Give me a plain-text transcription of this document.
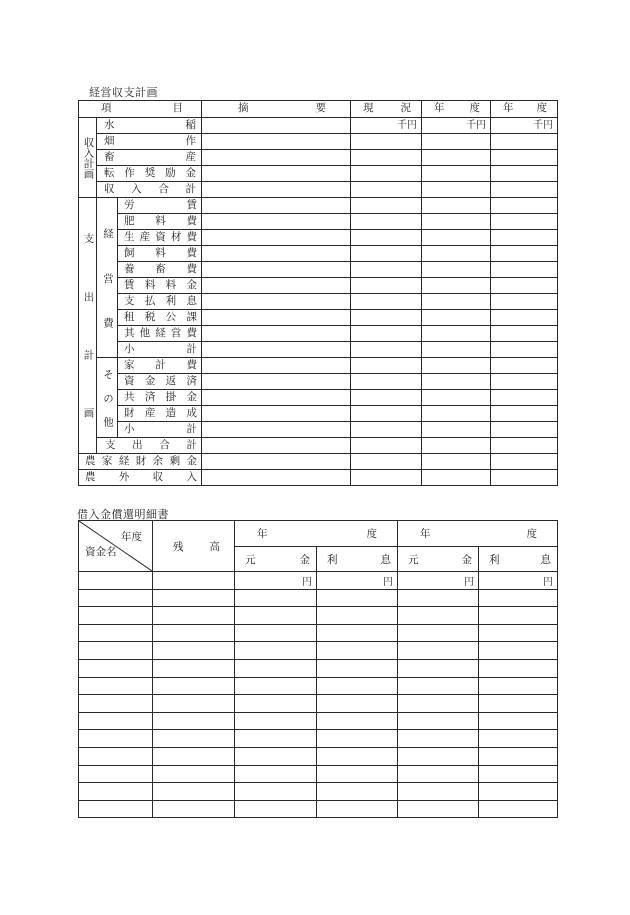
経営収支計画
項目			摘要	現況	年度	年度

収入計画	水稲			千円	千円	千円

	畑作					

	畜産					

	転作奨励金					

	収入合計					

支出計画	経営費	労賃				

		肥料費				

		生産資材費				

		飼料費				

		養畜費				

		賃料料金				

		支払利息				

		租税公課				

		其他経営費				

		小計				

	その他	家計費				

		資金返済				

		共済掛金				

		財産造成				

		小計				

	支出合計					

農家経財余剰金						

農外収入						

借入金償還明細書
年度
資金名	残高	年度		年度	

		元金	利息	元金	利息

		円	円	円	円
